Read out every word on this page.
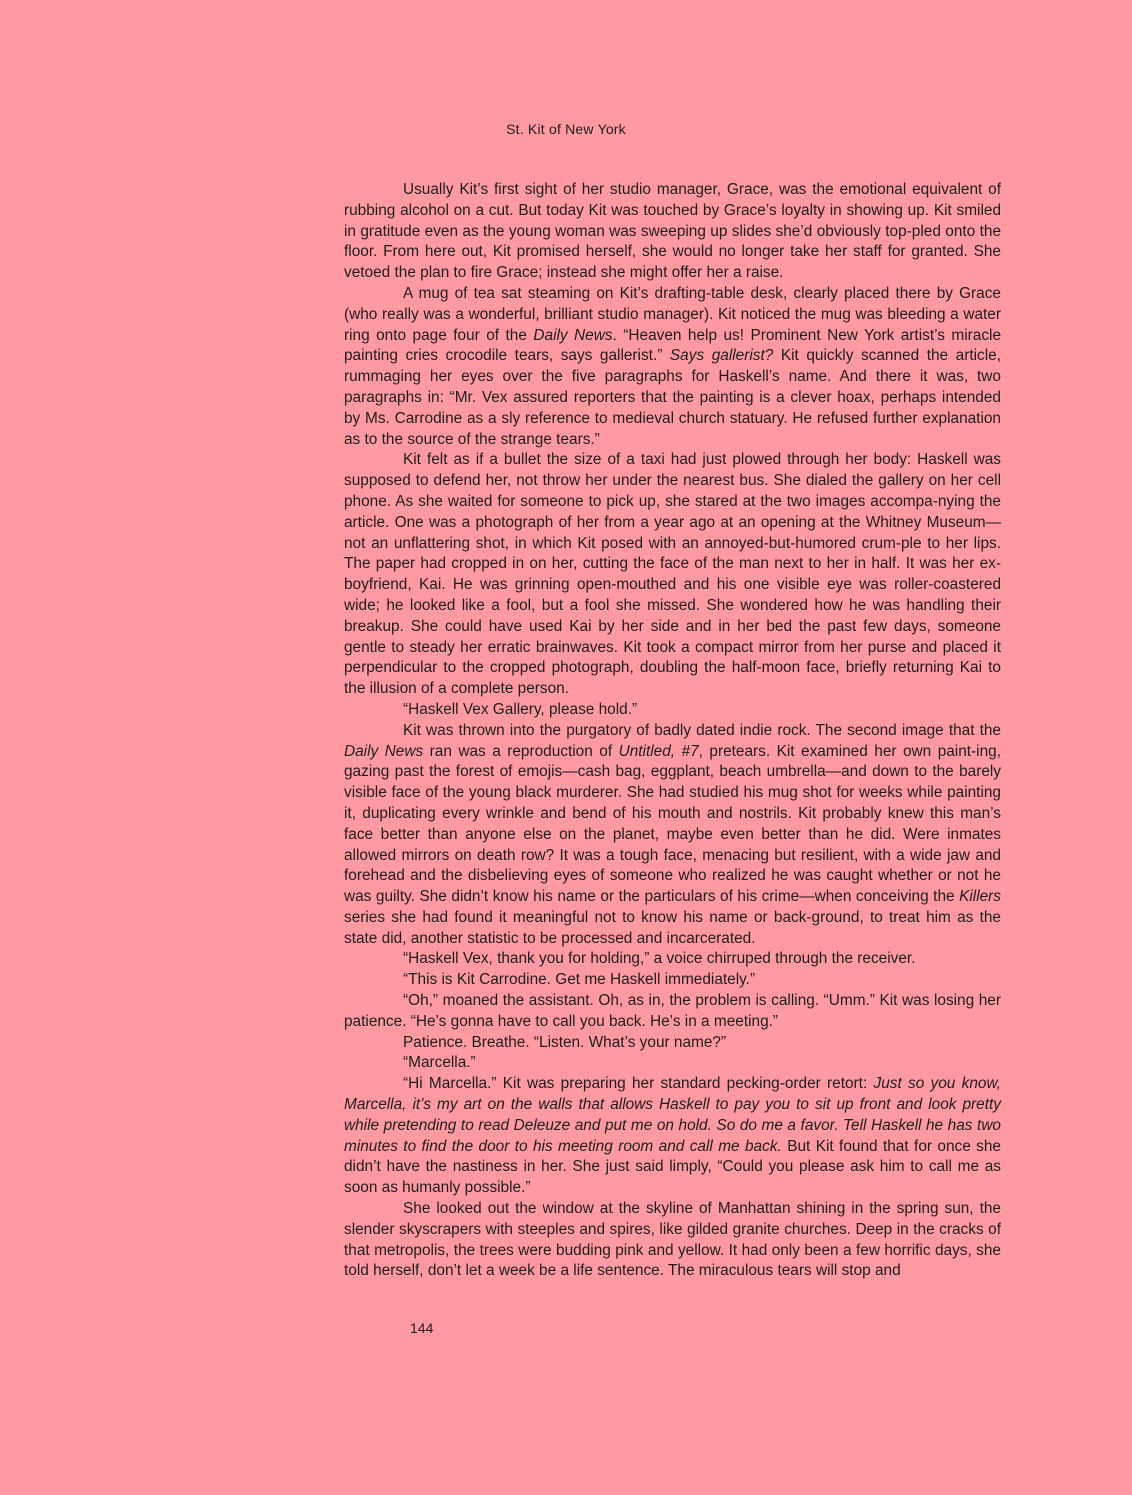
St. Kit of New York

Usually Kit’s first sight of her studio manager, Grace, was the emotional equivalent of rubbing alcohol on a cut. But today Kit was touched by Grace’s loyalty in showing up. Kit smiled in gratitude even as the young woman was sweeping up slides she’d obviously top-pled onto the floor. From here out, Kit promised herself, she would no longer take her staff for granted. She vetoed the plan to fire Grace; instead she might offer her a raise.

A mug of tea sat steaming on Kit’s drafting-table desk, clearly placed there by Grace (who really was a wonderful, brilliant studio manager). Kit noticed the mug was bleeding a water ring onto page four of the Daily News. “Heaven help us! Prominent New York artist’s miracle painting cries crocodile tears, says gallerist.” Says gallerist? Kit quickly scanned the article, rummaging her eyes over the five paragraphs for Haskell’s name. And there it was, two paragraphs in: “Mr. Vex assured reporters that the painting is a clever hoax, perhaps intended by Ms. Carrodine as a sly reference to medieval church statuary. He refused further explanation as to the source of the strange tears.”

Kit felt as if a bullet the size of a taxi had just plowed through her body: Haskell was supposed to defend her, not throw her under the nearest bus. She dialed the gallery on her cell phone. As she waited for someone to pick up, she stared at the two images accompa-nying the article. One was a photograph of her from a year ago at an opening at the Whitney Museum—not an unflattering shot, in which Kit posed with an annoyed-but-humored crum-ple to her lips. The paper had cropped in on her, cutting the face of the man next to her in half. It was her ex-boyfriend, Kai. He was grinning open-mouthed and his one visible eye was roller-coastered wide; he looked like a fool, but a fool she missed. She wondered how he was handling their breakup. She could have used Kai by her side and in her bed the past few days, someone gentle to steady her erratic brainwaves. Kit took a compact mirror from her purse and placed it perpendicular to the cropped photograph, doubling the half-moon face, briefly returning Kai to the illusion of a complete person.

“Haskell Vex Gallery, please hold.”

Kit was thrown into the purgatory of badly dated indie rock. The second image that the Daily News ran was a reproduction of Untitled, #7, pretears. Kit examined her own paint-ing, gazing past the forest of emojis—cash bag, eggplant, beach umbrella—and down to the barely visible face of the young black murderer. She had studied his mug shot for weeks while painting it, duplicating every wrinkle and bend of his mouth and nostrils. Kit probably knew this man’s face better than anyone else on the planet, maybe even better than he did. Were inmates allowed mirrors on death row? It was a tough face, menacing but resilient, with a wide jaw and forehead and the disbelieving eyes of someone who realized he was caught whether or not he was guilty. She didn’t know his name or the particulars of his crime—when conceiving the Killers series she had found it meaningful not to know his name or back-ground, to treat him as the state did, another statistic to be processed and incarcerated.

“Haskell Vex, thank you for holding,” a voice chirruped through the receiver.

“This is Kit Carrodine. Get me Haskell immediately.”

“Oh,” moaned the assistant. Oh, as in, the problem is calling. “Umm.” Kit was losing her patience. “He’s gonna have to call you back. He’s in a meeting.”

Patience. Breathe. “Listen. What’s your name?”

“Marcella.”

“Hi Marcella.” Kit was preparing her standard pecking-order retort: Just so you know, Marcella, it’s my art on the walls that allows Haskell to pay you to sit up front and look pretty while pretending to read Deleuze and put me on hold. So do me a favor. Tell Haskell he has two minutes to find the door to his meeting room and call me back. But Kit found that for once she didn’t have the nastiness in her. She just said limply, “Could you please ask him to call me as soon as humanly possible.”

She looked out the window at the skyline of Manhattan shining in the spring sun, the slender skyscrapers with steeples and spires, like gilded granite churches. Deep in the cracks of that metropolis, the trees were budding pink and yellow. It had only been a few horrific days, she told herself, don’t let a week be a life sentence. The miraculous tears will stop and

144
